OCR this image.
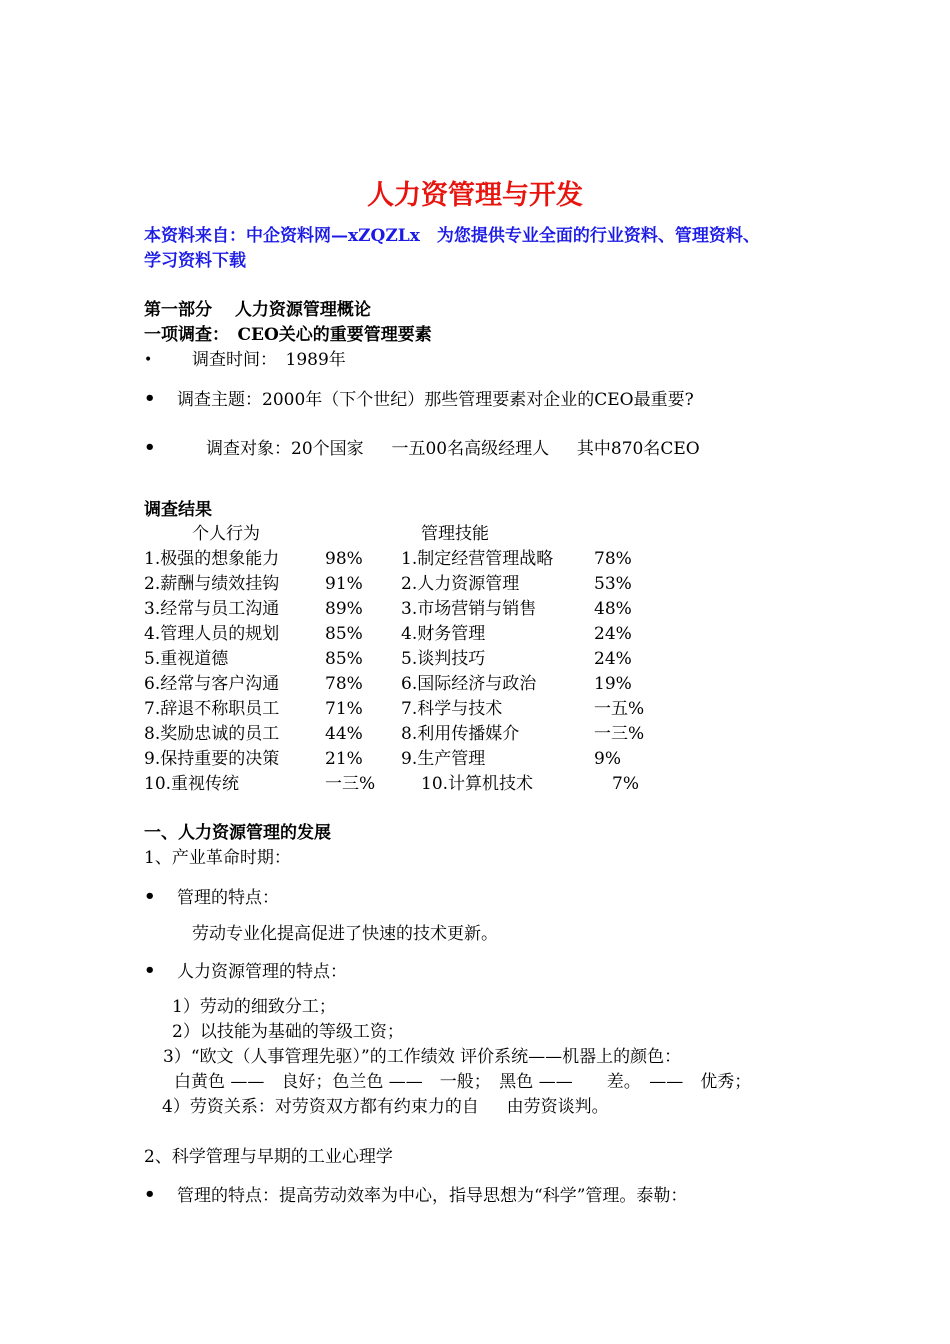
人力资管理与开发
本资料来自：中企资料网—xZQZLx　为您提供专业全面的行业资料、管理资料、
学习资料下载
第一部分　 人力资源管理概论
一项调查：　CEO关心的重要管理要素
• 调查时间：　1989年
• 调查主题：2000年（下个世纪）那些管理要素对企业的CEO最重要?
•	调查对象：20个国家　  一五00名高级经理人 　 其中870名CEO
调查结果
个人行为	管理技能
1.极强的想象能力	98% 1.制定经营管理战略 78%
2.薪酬与绩效挂钩	91% 2.人力资源管理	53%
3.经常与员工沟通	89% 3.市场营销与销售	48%
4.管理人员的规划	85% 4.财务管理	24%
5.重视道德	85% 5.谈判技巧	24%
6.经常与客户沟通	78% 6.国际经济与政治	19%
7.辞退不称职员工	71% 7.科学与技术	一五%
8.奖励忠诚的员工	44% 8.利用传播媒介	一三%
9.保持重要的决策	21% 9.生产管理	9%
10.重视传统	一三%	10.计算机技术	7%
一、人力资源管理的发展
1、产业革命时期：
• 管理的特点：
劳动专业化提高促进了快速的技术更新。
• 人力资源管理的特点：
1）劳动的细致分工；
2）以技能为基础的等级工资；
3）“欧文（人事管理先驱）”的工作绩效 评价系统——机器上的颜色：
白黄色 ——　良好；色兰色 ——　一般；　黑色 ——　　差。　——　优秀；
4）劳资关系：对劳资双方都有约束力的自 　 由劳资谈判。
2、科学管理与早期的工业心理学
• 管理的特点：提高劳动效率为中心，指导思想为“科学”管理。泰勒：
